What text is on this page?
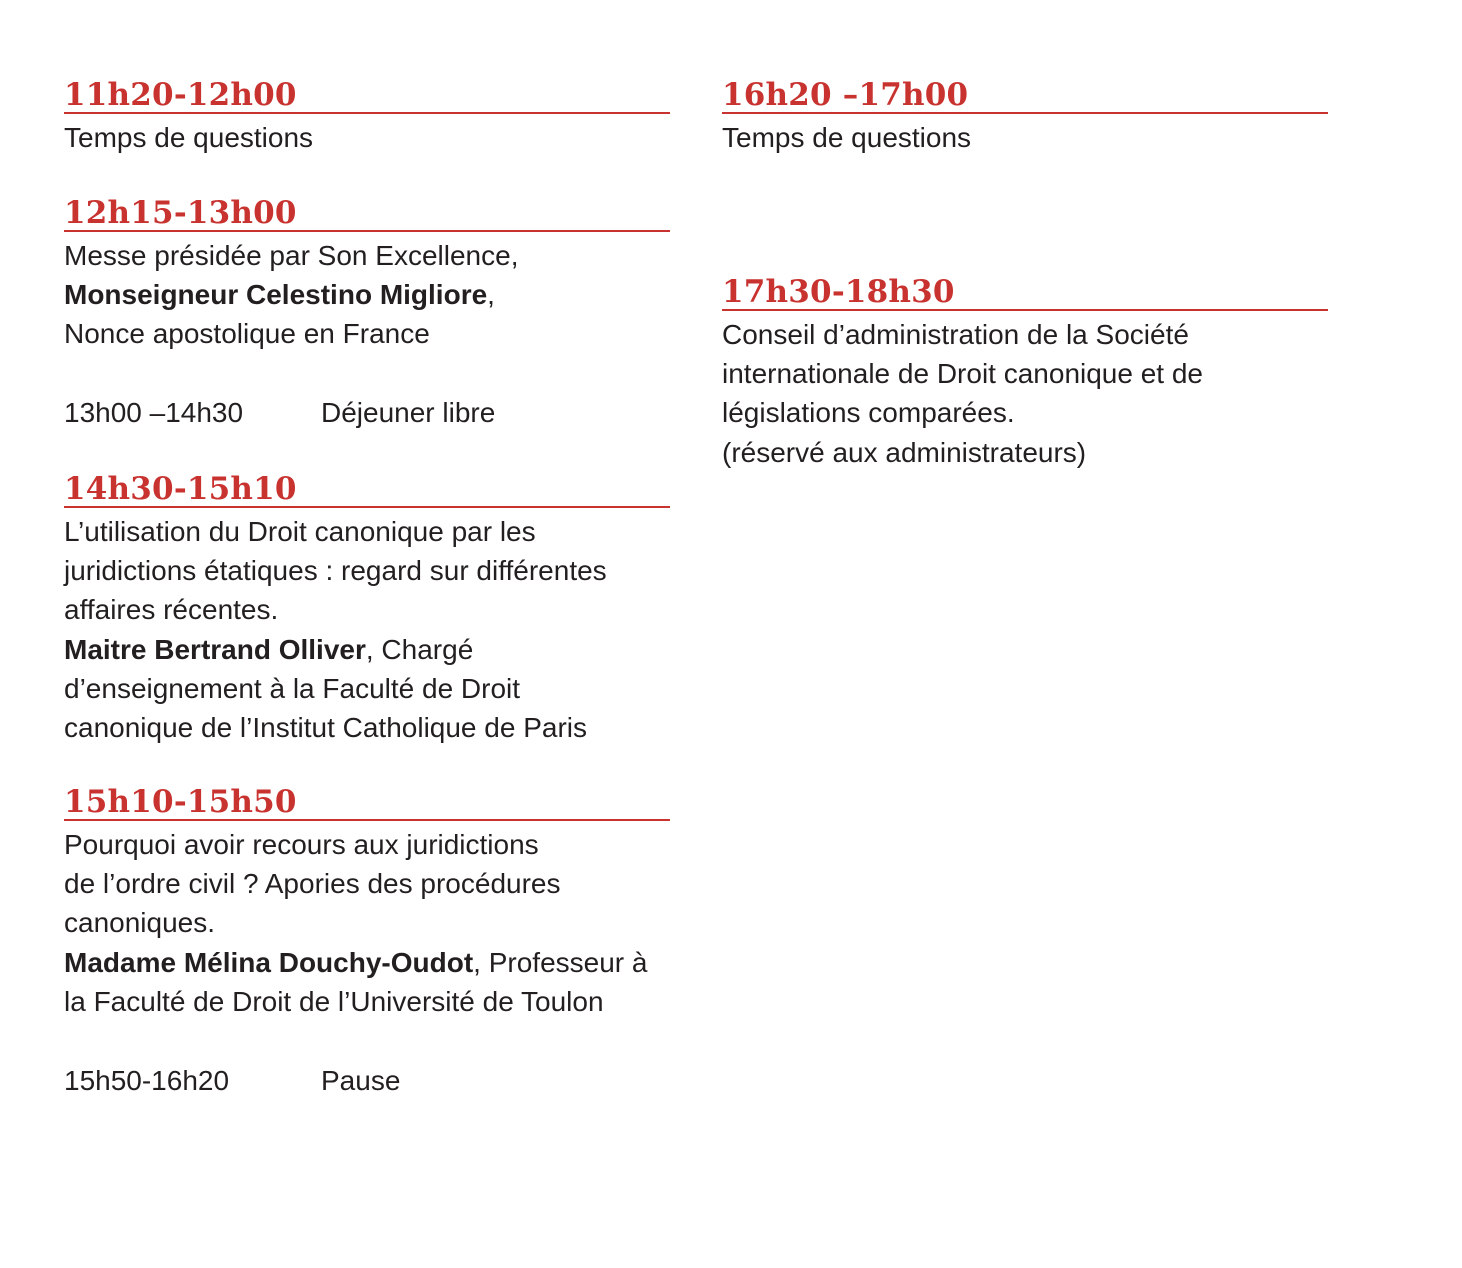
11h20-12h00
Temps de questions
12h15-13h00
Messe présidée par Son Excellence,
Monseigneur Celestino Migliore,
Nonce apostolique en France
13h00 –14h30	Déjeuner libre
14h30-15h10
L’utilisation du Droit canonique par les
juridictions étatiques : regard sur différentes
affaires récentes.
Maitre Bertrand Olliver, Chargé
d’enseignement à la Faculté de Droit
canonique de l’Institut Catholique de Paris
15h10-15h50
Pourquoi avoir recours aux juridictions
de l’ordre civil ? Apories des procédures
canoniques.
Madame Mélina Douchy-Oudot, Professeur à
la Faculté de Droit de l’Université de Toulon
15h50-16h20	Pause
16h20 –17h00
Temps de questions
17h30-18h30
Conseil d’administration de la Société
internationale de Droit canonique et de
législations comparées.
(réservé aux administrateurs)
